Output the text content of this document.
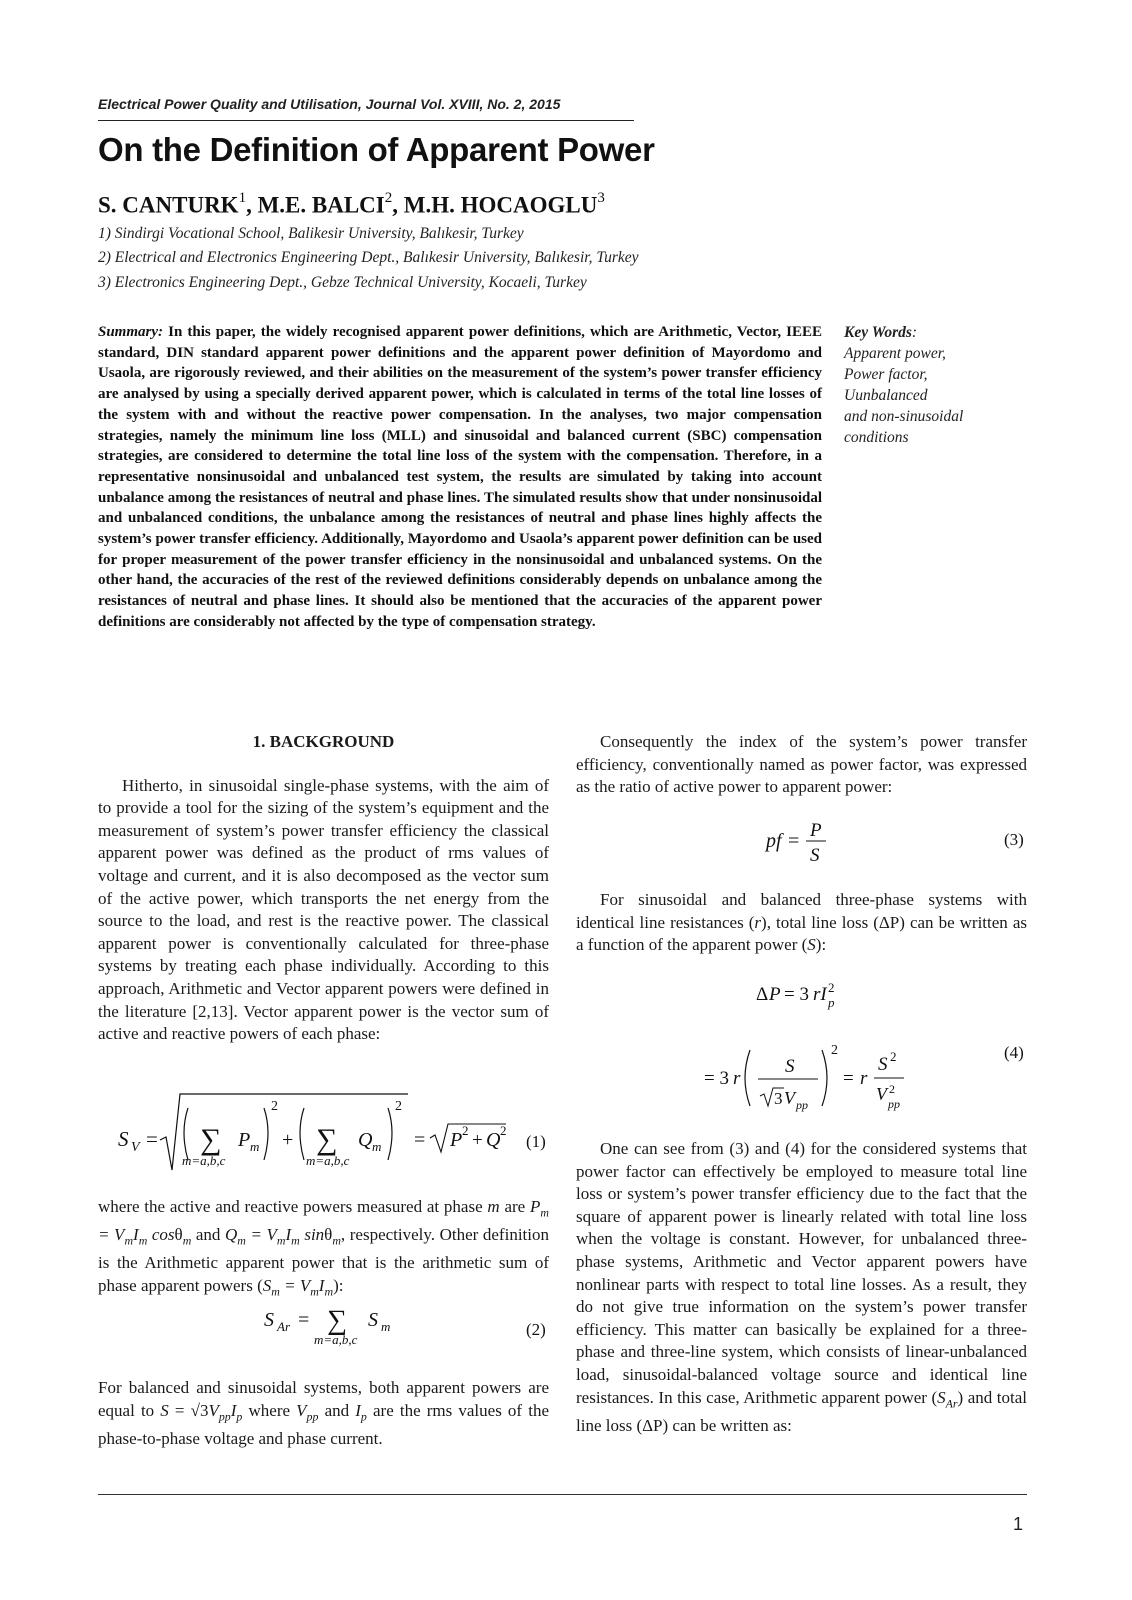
Electrical Power Quality and Utilisation, Journal Vol. XVIII, No. 2, 2015
On the Definition of Apparent Power
S. CANTURK$^1$, M.E. BALCI$^2$, M.H. HOCAOGLU$^3$
1) Sindirgi Vocational School, Balikesir University, Balıkesir, Turkey
2) Electrical and Electronics Engineering Dept., Balıkesir University, Balıkesir, Turkey
3) Electronics Engineering Dept., Gebze Technical University, Kocaeli, Turkey

Summary: In this paper, the widely recognised apparent power definitions, which are Arithmetic, Vector, IEEE standard, DIN standard apparent power definitions and the apparent power definition of Mayordomo and Usaola, are rigorously reviewed, and their abilities on the measurement of the system’s power transfer efficiency are analysed by using a specially derived apparent power, which is calculated in terms of the total line losses of the system with and without the reactive power compensation. In the analyses, two major compensation strategies, namely the minimum line loss (MLL) and sinusoidal and balanced current (SBC) compensation strategies, are considered to determine the total line loss of the system with the compensation. Therefore, in a representative nonsinusoidal and unbalanced test system, the results are simulated by taking into account unbalance among the resistances of neutral and phase lines. The simulated results show that under nonsinusoidal and unbalanced conditions, the unbalance among the resistances of neutral and phase lines highly affects the system’s power transfer efficiency. Additionally, Mayordomo and Usaola’s apparent power definition can be used for proper measurement of the power transfer efficiency in the nonsinusoidal and unbalanced systems. On the other hand, the accuracies of the rest of the reviewed definitions considerably depends on unbalance among the resistances of neutral and phase lines. It should also be mentioned that the accuracies of the apparent power definitions are considerably not affected by the type of compensation strategy.

Key Words:
Apparent power,
Power factor,
Uunbalanced
and non-sinusoidal
conditions

1. BACKGROUND

Hitherto, in sinusoidal single-phase systems, with the aim of to provide a tool for the sizing of the system’s equipment and the measurement of system’s power transfer efficiency the classical apparent power was defined as the product of rms values of voltage and current, and it is also decomposed as the vector sum of the active power, which transports the net energy from the source to the load, and rest is the reactive power. The classical apparent power is conventionally calculated for three-phase systems by treating each phase individually. According to this approach, Arithmetic and Vector apparent powers were defined in the literature [2,13]. Vector apparent power is the vector sum of active and reactive powers of each phase:

S V = ∑
m=a,b,c
P m
2
+ ∑
m=a,b,c
Q m
2
= P 2 + Q 2
(1)

where the active and reactive powers measured at phase m are $P_m = V_mI_m$ cosθ$_m$ and $Q_m = V_mI_m$ sinθ$_m$, respectively. Other definition is the Arithmetic apparent power that is the arithmetic sum of phase apparent powers $(S_m = V_mI_m)$:

S Ar = ∑
m=a,b,c
S m	(2)

For balanced and sinusoidal systems, both apparent powers are equal to $S = √3V_{pp}I_p$ where $V_{pp}$ and $I_p$ are the rms values of the phase-to-phase voltage and phase current.

Consequently the index of the system’s power transfer efficiency, conventionally named as power factor, was expressed as the ratio of active power to apparent power:

pf = P
S
(3)

For sinusoidal and balanced three-phase systems with identical line resistances (r), total line loss (ΔP) can be written as a function of the apparent power (S):

Δ P = 3 rI 2
p
= 3 r
S
3 V pp
2
= r
S 2
V 2
pp
(4)

One can see from (3) and (4) for the considered systems that power factor can effectively be employed to measure total line loss or system’s power transfer efficiency due to the fact that the square of apparent power is linearly related with total line loss when the voltage is constant. However, for unbalanced three-phase systems, Arithmetic and Vector apparent powers have nonlinear parts with respect to total line losses. As a result, they do not give true information on the system’s power transfer efficiency. This matter can basically be explained for a three-phase and three-line system, which consists of linear-unbalanced load, sinusoidal-balanced voltage source and identical line resistances. In this case, Arithmetic apparent power $(S_{Ar})$ and total line loss (ΔP) can be written as:

1
